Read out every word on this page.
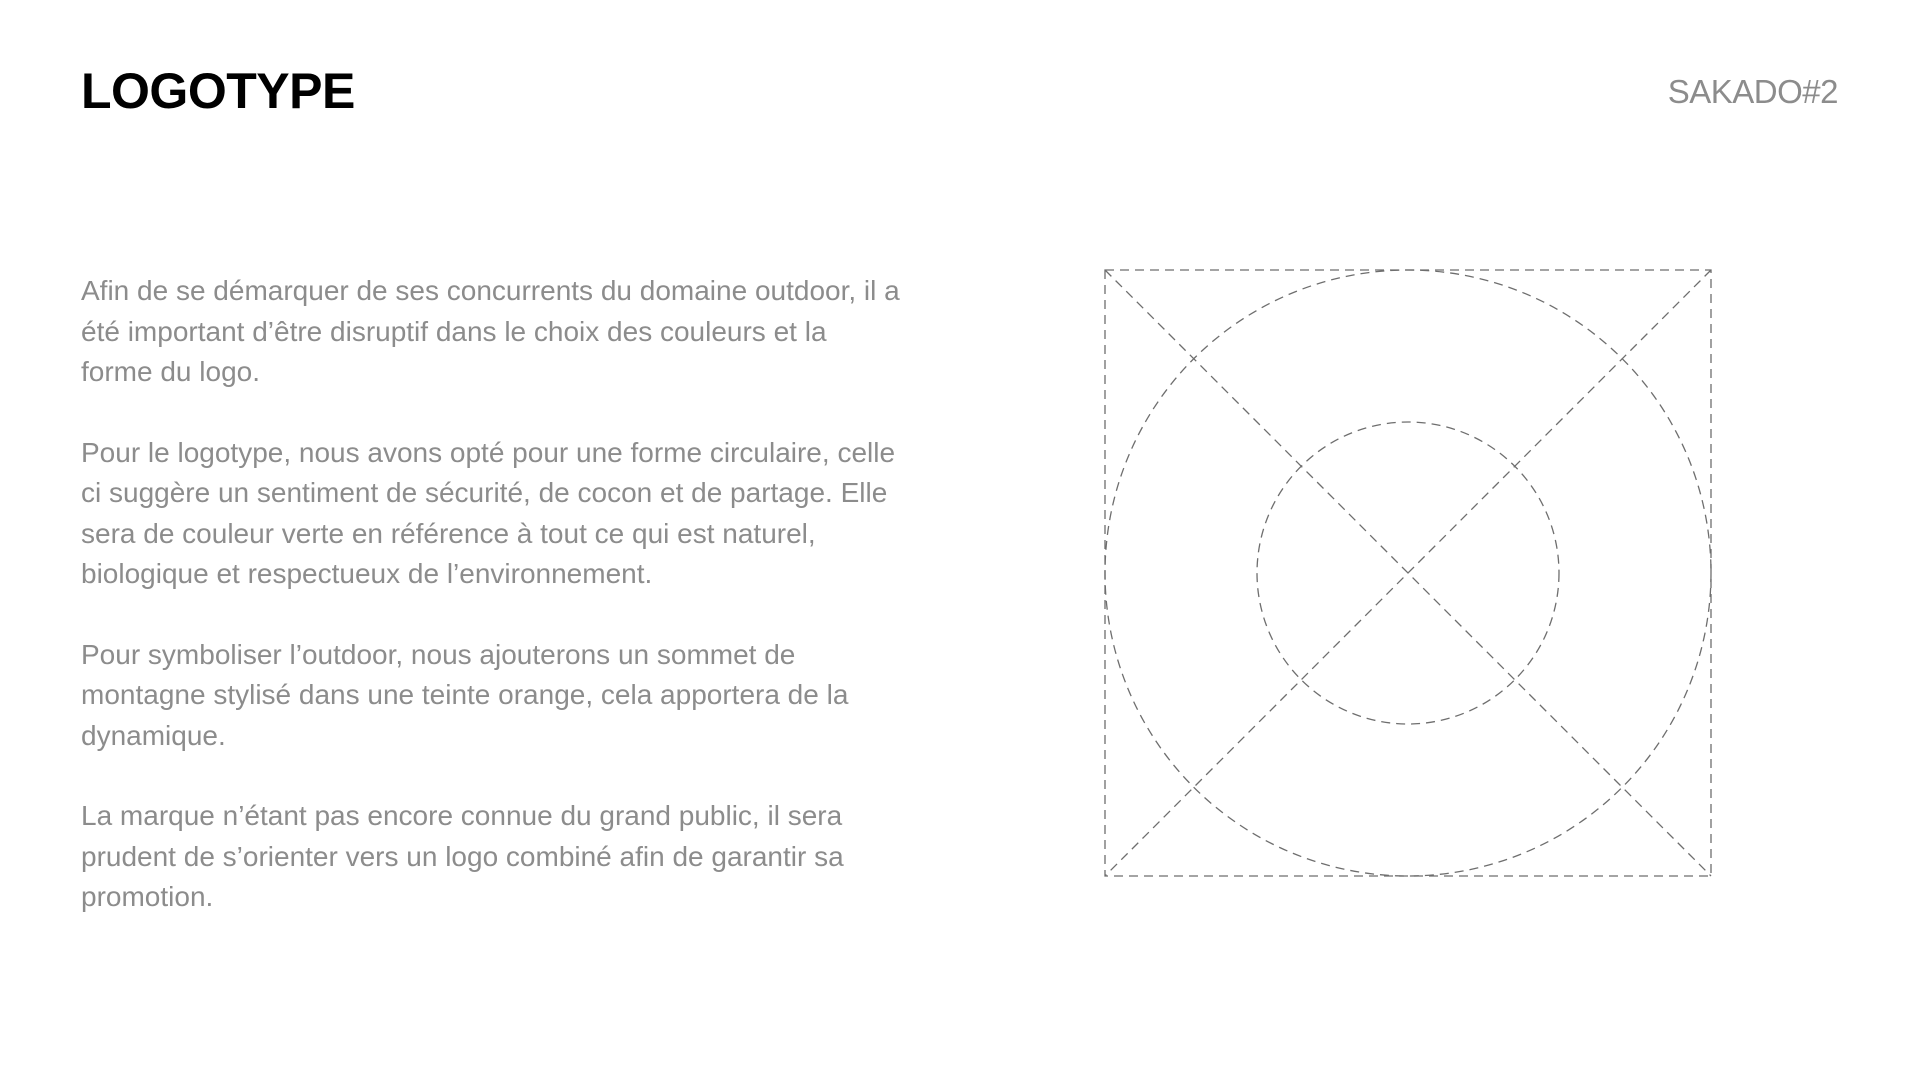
LOGOTYPE	SAKADO#2

Afin de se démarquer de ses concurrents du domaine outdoor, il a été important d’être disruptif dans le choix des couleurs et la forme du logo.

Pour le logotype, nous avons opté pour une forme circulaire, celle ci suggère un sentiment de sécurité, de cocon et de partage. Elle sera de couleur verte en référence à tout ce qui est naturel, biologique et respectueux de l’environnement.

Pour symboliser l’outdoor, nous ajouterons un sommet de montagne stylisé dans une teinte orange, cela apportera de la dynamique.

La marque n’étant pas encore connue du grand public, il sera prudent de s’orienter vers un logo combiné afin de garantir sa promotion.
